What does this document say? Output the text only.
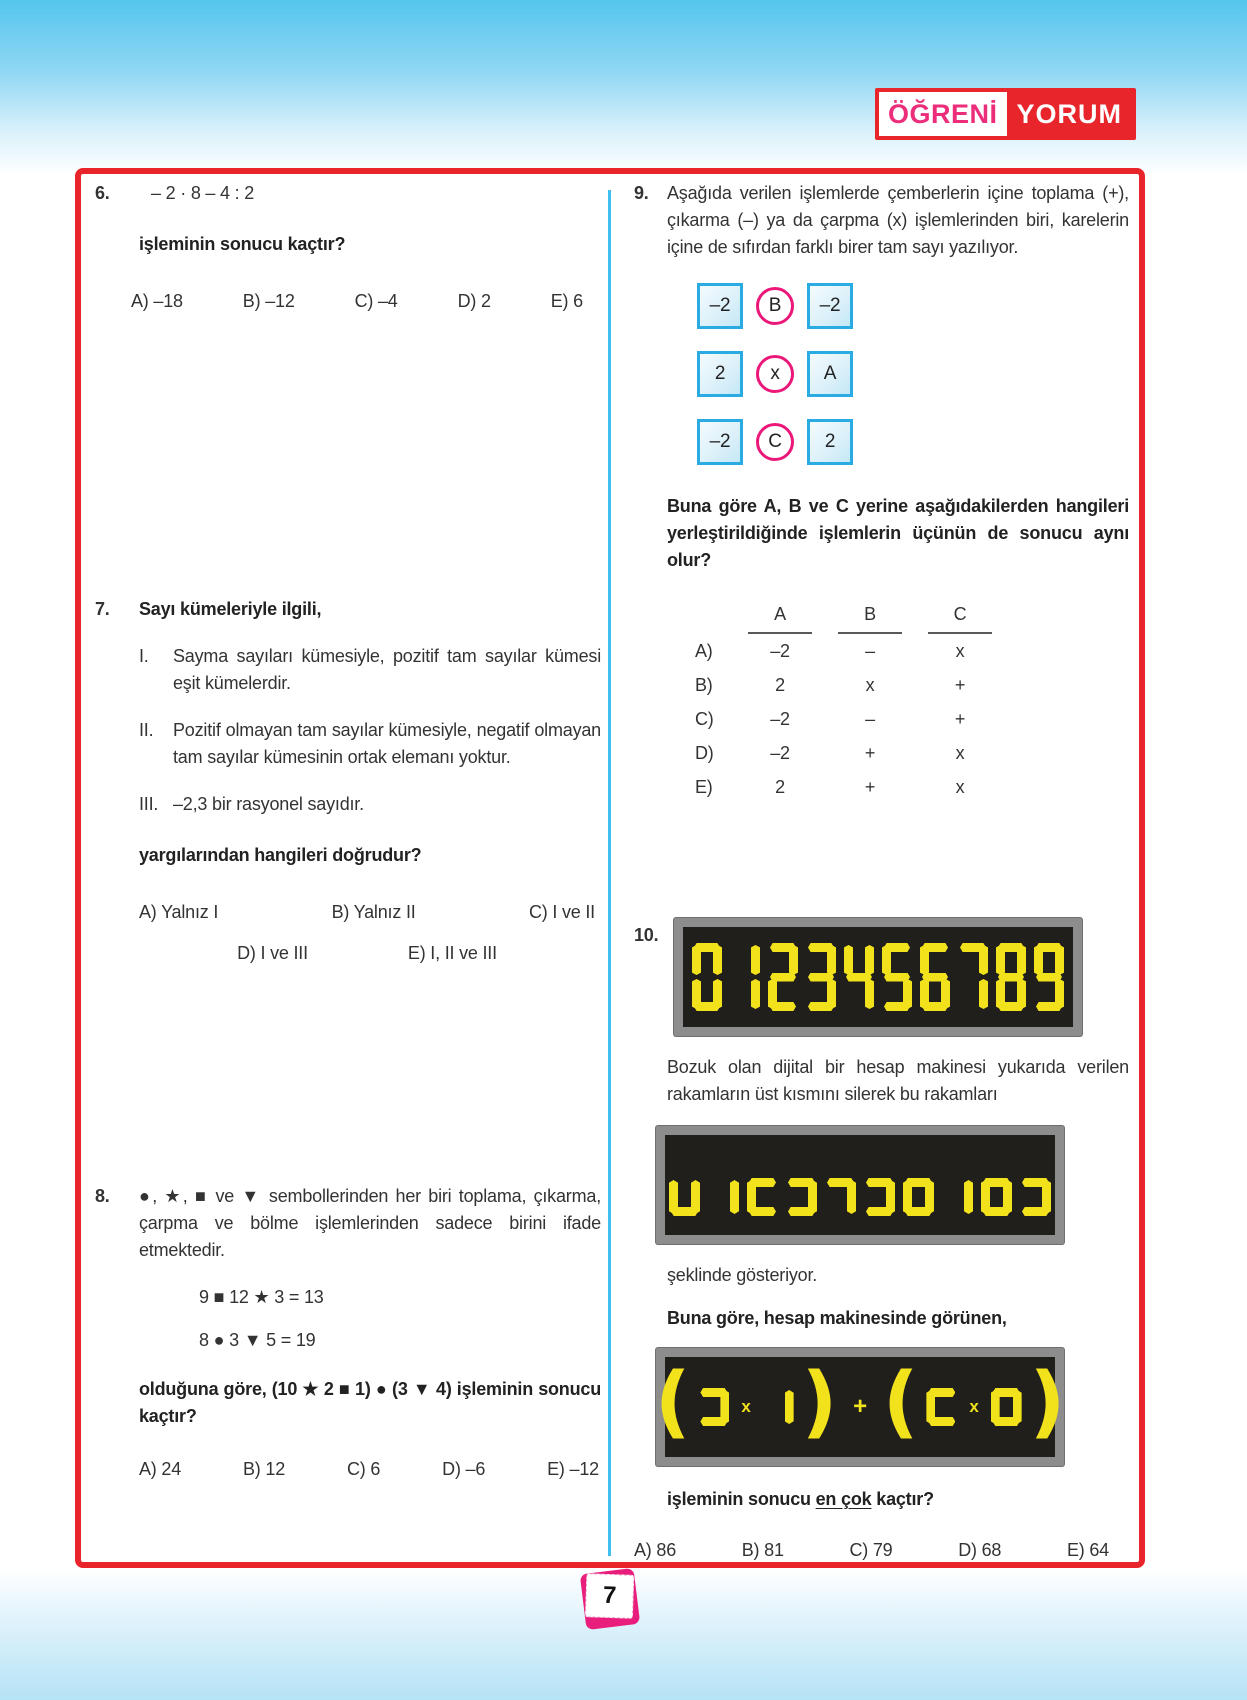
ÖĞRENİ YORUM
6.	– 2 · 8 – 4 : 2
işleminin sonucu kaçtır?
A) –18	B) –12	C) –4	D) 2	E) 6
7.	Sayı kümeleriyle ilgili,
I.	Sayma sayıları kümesiyle, pozitif tam sayılar kümesi eşit kümelerdir.
II.	Pozitif olmayan tam sayılar kümesiyle, negatif olmayan tam sayılar kümesinin ortak elemanı yoktur.
III. –2,3 bir rasyonel sayıdır.
yargılarından hangileri doğrudur?
A) Yalnız I	B) Yalnız II	C) I ve II
D) I ve III	E) I, II ve III
8.	●, ★, ■ ve ▼ sembollerinden her biri toplama, çıkarma, çarpma ve bölme işlemlerinden sadece birini ifade etmektedir.
9 ■ 12 ★ 3 = 13
8 ● 3 ▼ 5 = 19
olduğuna göre, (10 ★ 2 ■ 1) ● (3 ▼ 4) işleminin sonucu kaçtır?
A) 24	B) 12	C) 6	D) –6	E) –12
9.	Aşağıda verilen işlemlerde çemberlerin içine toplama (+), çıkarma (–) ya da çarpma (x) işlemlerinden biri, karelerin içine de sıfırdan farklı birer tam sayı yazılıyor.
–2	B	–2
2	x	A
–2	C	2
Buna göre A, B ve C yerine aşağıdakilerden hangileri yerleştirildiğinde işlemlerin üçünün de sonucu aynı olur?
A	B	C
A)	–2	–	x
B)	2	x	+
C)	–2	–	+
D)	–2	+	x
E)	2	+	x
10.
Bozuk olan dijital bir hesap makinesi yukarıda verilen rakamların üst kısmını silerek bu rakamları
şeklinde gösteriyor.
Buna göre, hesap makinesinde görünen,
(	x ) + (	x )
işleminin sonucu en çok kaçtır?
A) 86	B) 81	C) 79	D) 68	E) 64
7
